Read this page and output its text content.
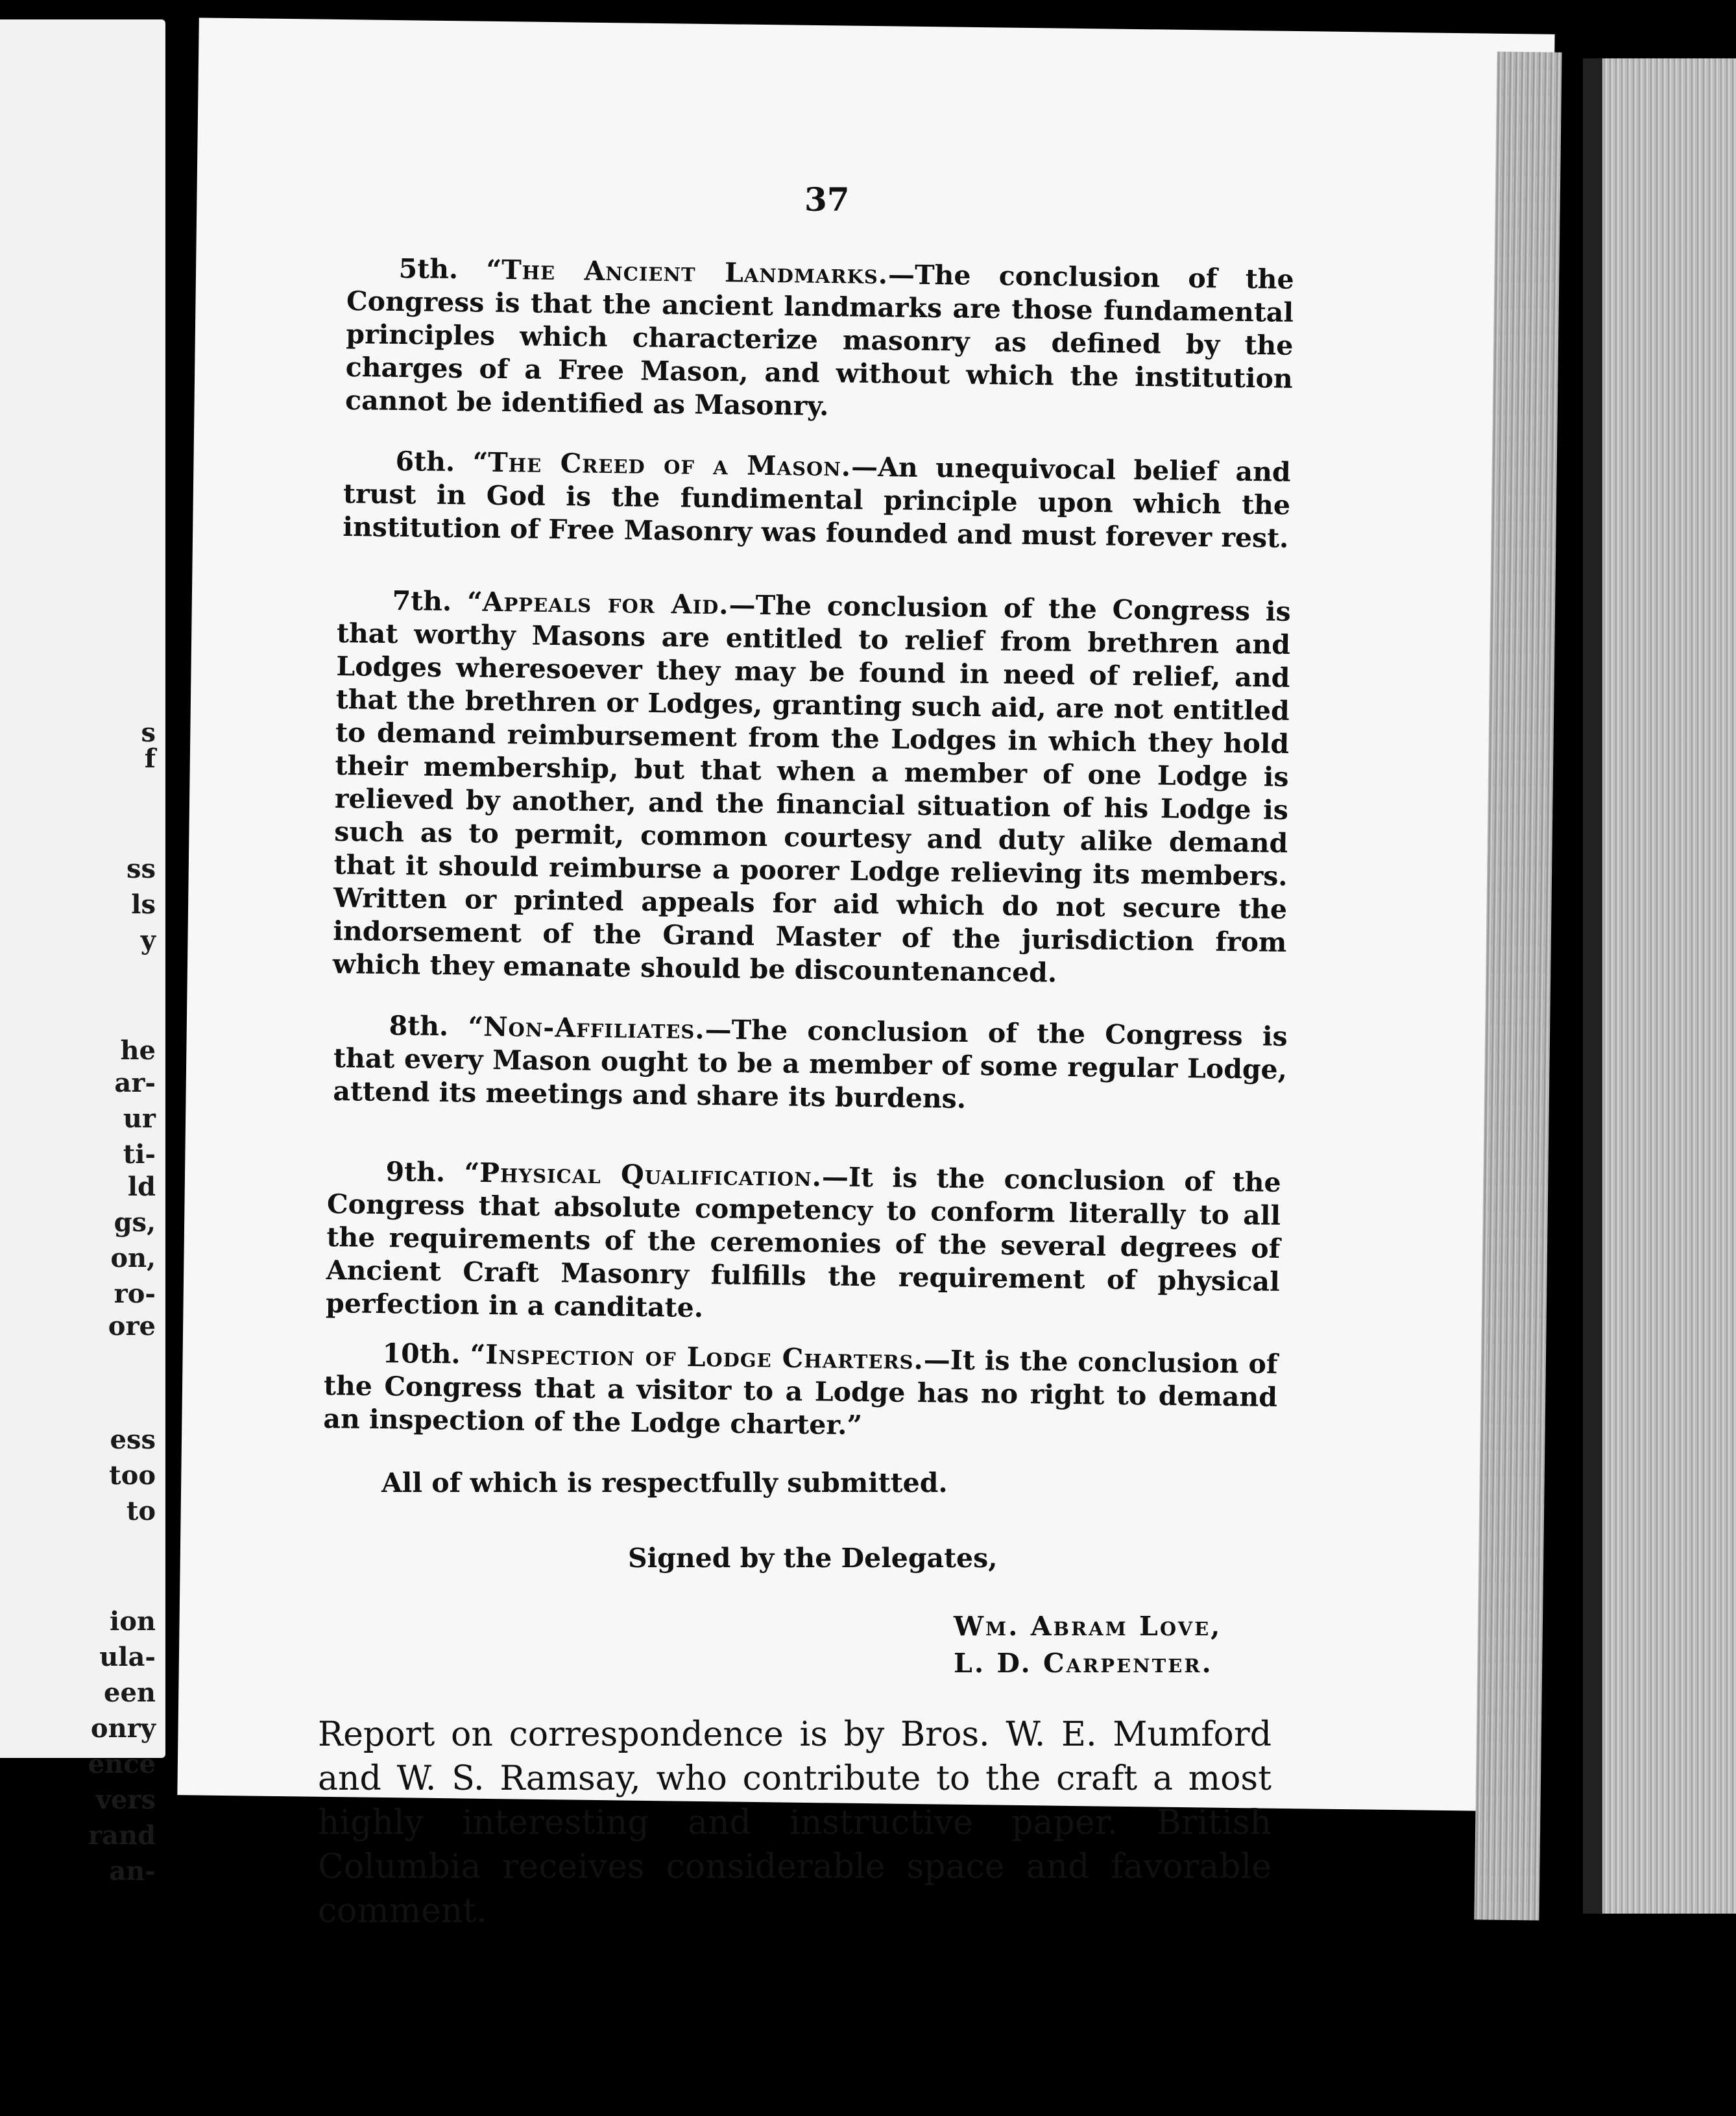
s
f
ss
ls
y
he
ar-
ur
ti-
ld
gs,
on,
ro-
ore
ess
too
to
ion
ula-
een
onry
ence
vers
rand
an-
37
5th. “The Ancient Landmarks.—The conclusion of the Congress is that the ancient landmarks are those fundamental principles which characterize masonry as defined by the charges of a Free Mason, and without which the institution cannot be identified as Masonry.
6th. “The Creed of a Mason.—An unequivocal belief and trust in God is the fundimental principle upon which the institution of Free Masonry was founded and must forever rest.
7th. “Appeals for Aid.—The conclusion of the Congress is that worthy Masons are entitled to relief from brethren and Lodges wheresoever they may be found in need of relief, and that the brethren or Lodges, granting such aid, are not entitled to demand reimbursement from the Lodges in which they hold their membership, but that when a member of one Lodge is relieved by another, and the financial situation of his Lodge is such as to permit, common courtesy and duty alike demand that it should reimburse a poorer Lodge relieving its members. Written or printed appeals for aid which do not secure the indorsement of the Grand Master of the jurisdiction from which they emanate should be discountenanced.
8th. “Non-Affiliates.—The conclusion of the Congress is that every Mason ought to be a member of some regular Lodge, attend its meetings and share its burdens.
9th. “Physical Qualification.—It is the conclusion of the Congress that absolute competency to conform literally to all the requirements of the ceremonies of the several degrees of Ancient Craft Masonry fulfills the requirement of physical perfection in a canditate.
10th. “Inspection of Lodge Charters.—It is the conclusion of the Congress that a visitor to a Lodge has no right to demand an inspection of the Lodge charter.”
All of which is respectfully submitted.
Signed by the Delegates,
Wm. Abram Love,
L. D. Carpenter.
Report on correspondence is by Bros. W. E. Mumford and W. S. Ramsay, who contribute to the craft a most highly interesting and instructive paper. British Columbia receives considerable space and favorable comment.
